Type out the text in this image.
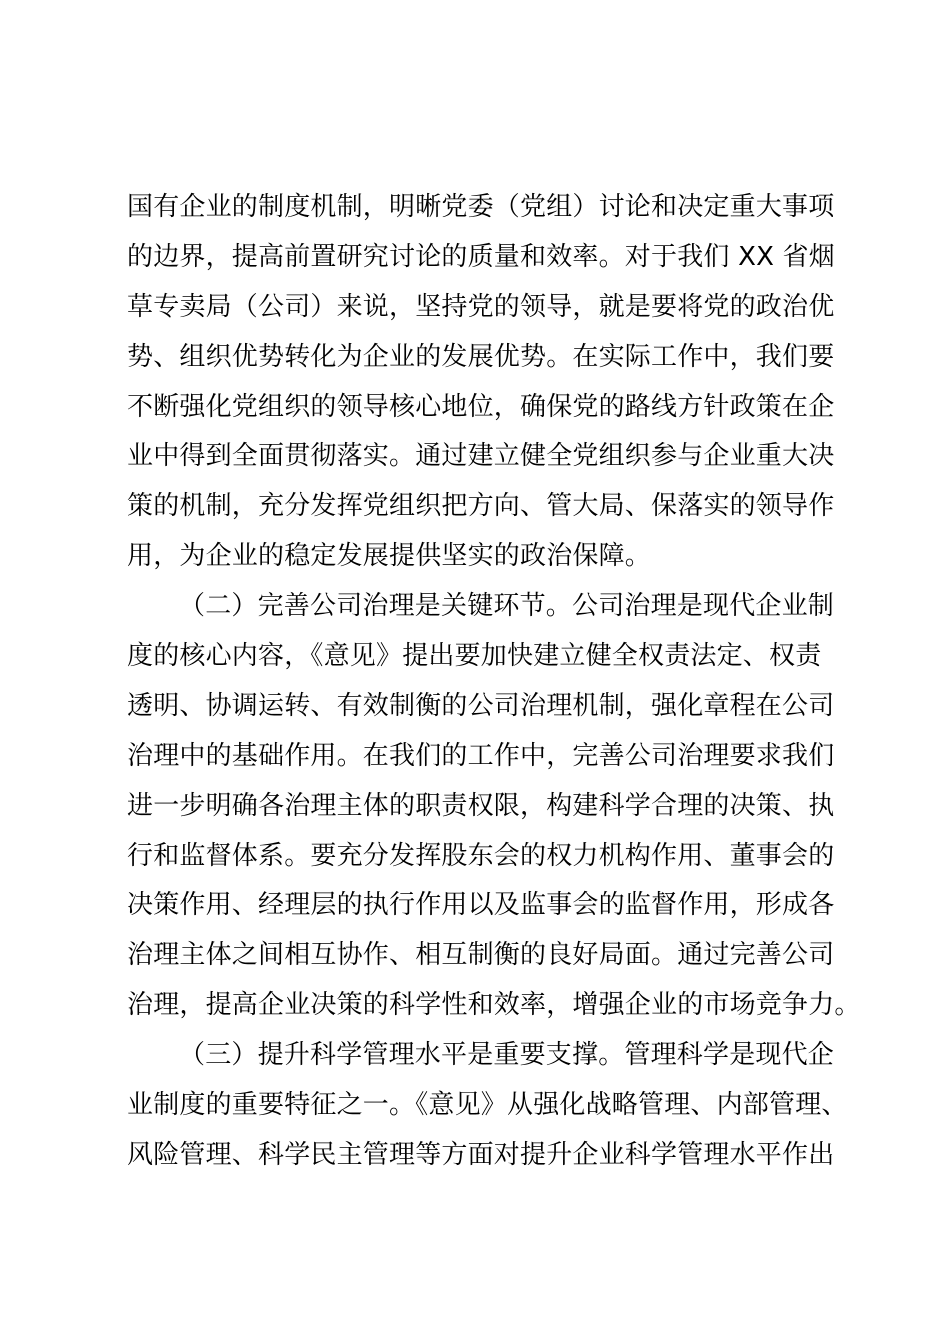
国有企业的制度机制，明晰党委（党组）讨论和决定重大事项
的边界，提高前置研究讨论的质量和效率。对于我们 XX 省烟
草专卖局（公司）来说，坚持党的领导，就是要将党的政治优
势、组织优势转化为企业的发展优势。在实际工作中，我们要
不断强化党组织的领导核心地位，确保党的路线方针政策在企
业中得到全面贯彻落实。通过建立健全党组织参与企业重大决
策的机制，充分发挥党组织把方向、管大局、保落实的领导作
用，为企业的稳定发展提供坚实的政治保障。
（二）完善公司治理是关键环节。公司治理是现代企业制
度的核心内容，《意见》提出要加快建立健全权责法定、权责
透明、协调运转、有效制衡的公司治理机制，强化章程在公司
治理中的基础作用。在我们的工作中，完善公司治理要求我们
进一步明确各治理主体的职责权限，构建科学合理的决策、执
行和监督体系。要充分发挥股东会的权力机构作用、董事会的
决策作用、经理层的执行作用以及监事会的监督作用，形成各
治理主体之间相互协作、相互制衡的良好局面。通过完善公司
治理，提高企业决策的科学性和效率，增强企业的市场竞争力。
（三）提升科学管理水平是重要支撑。管理科学是现代企
业制度的重要特征之一。《意见》从强化战略管理、内部管理、
风险管理、科学民主管理等方面对提升企业科学管理水平作出
